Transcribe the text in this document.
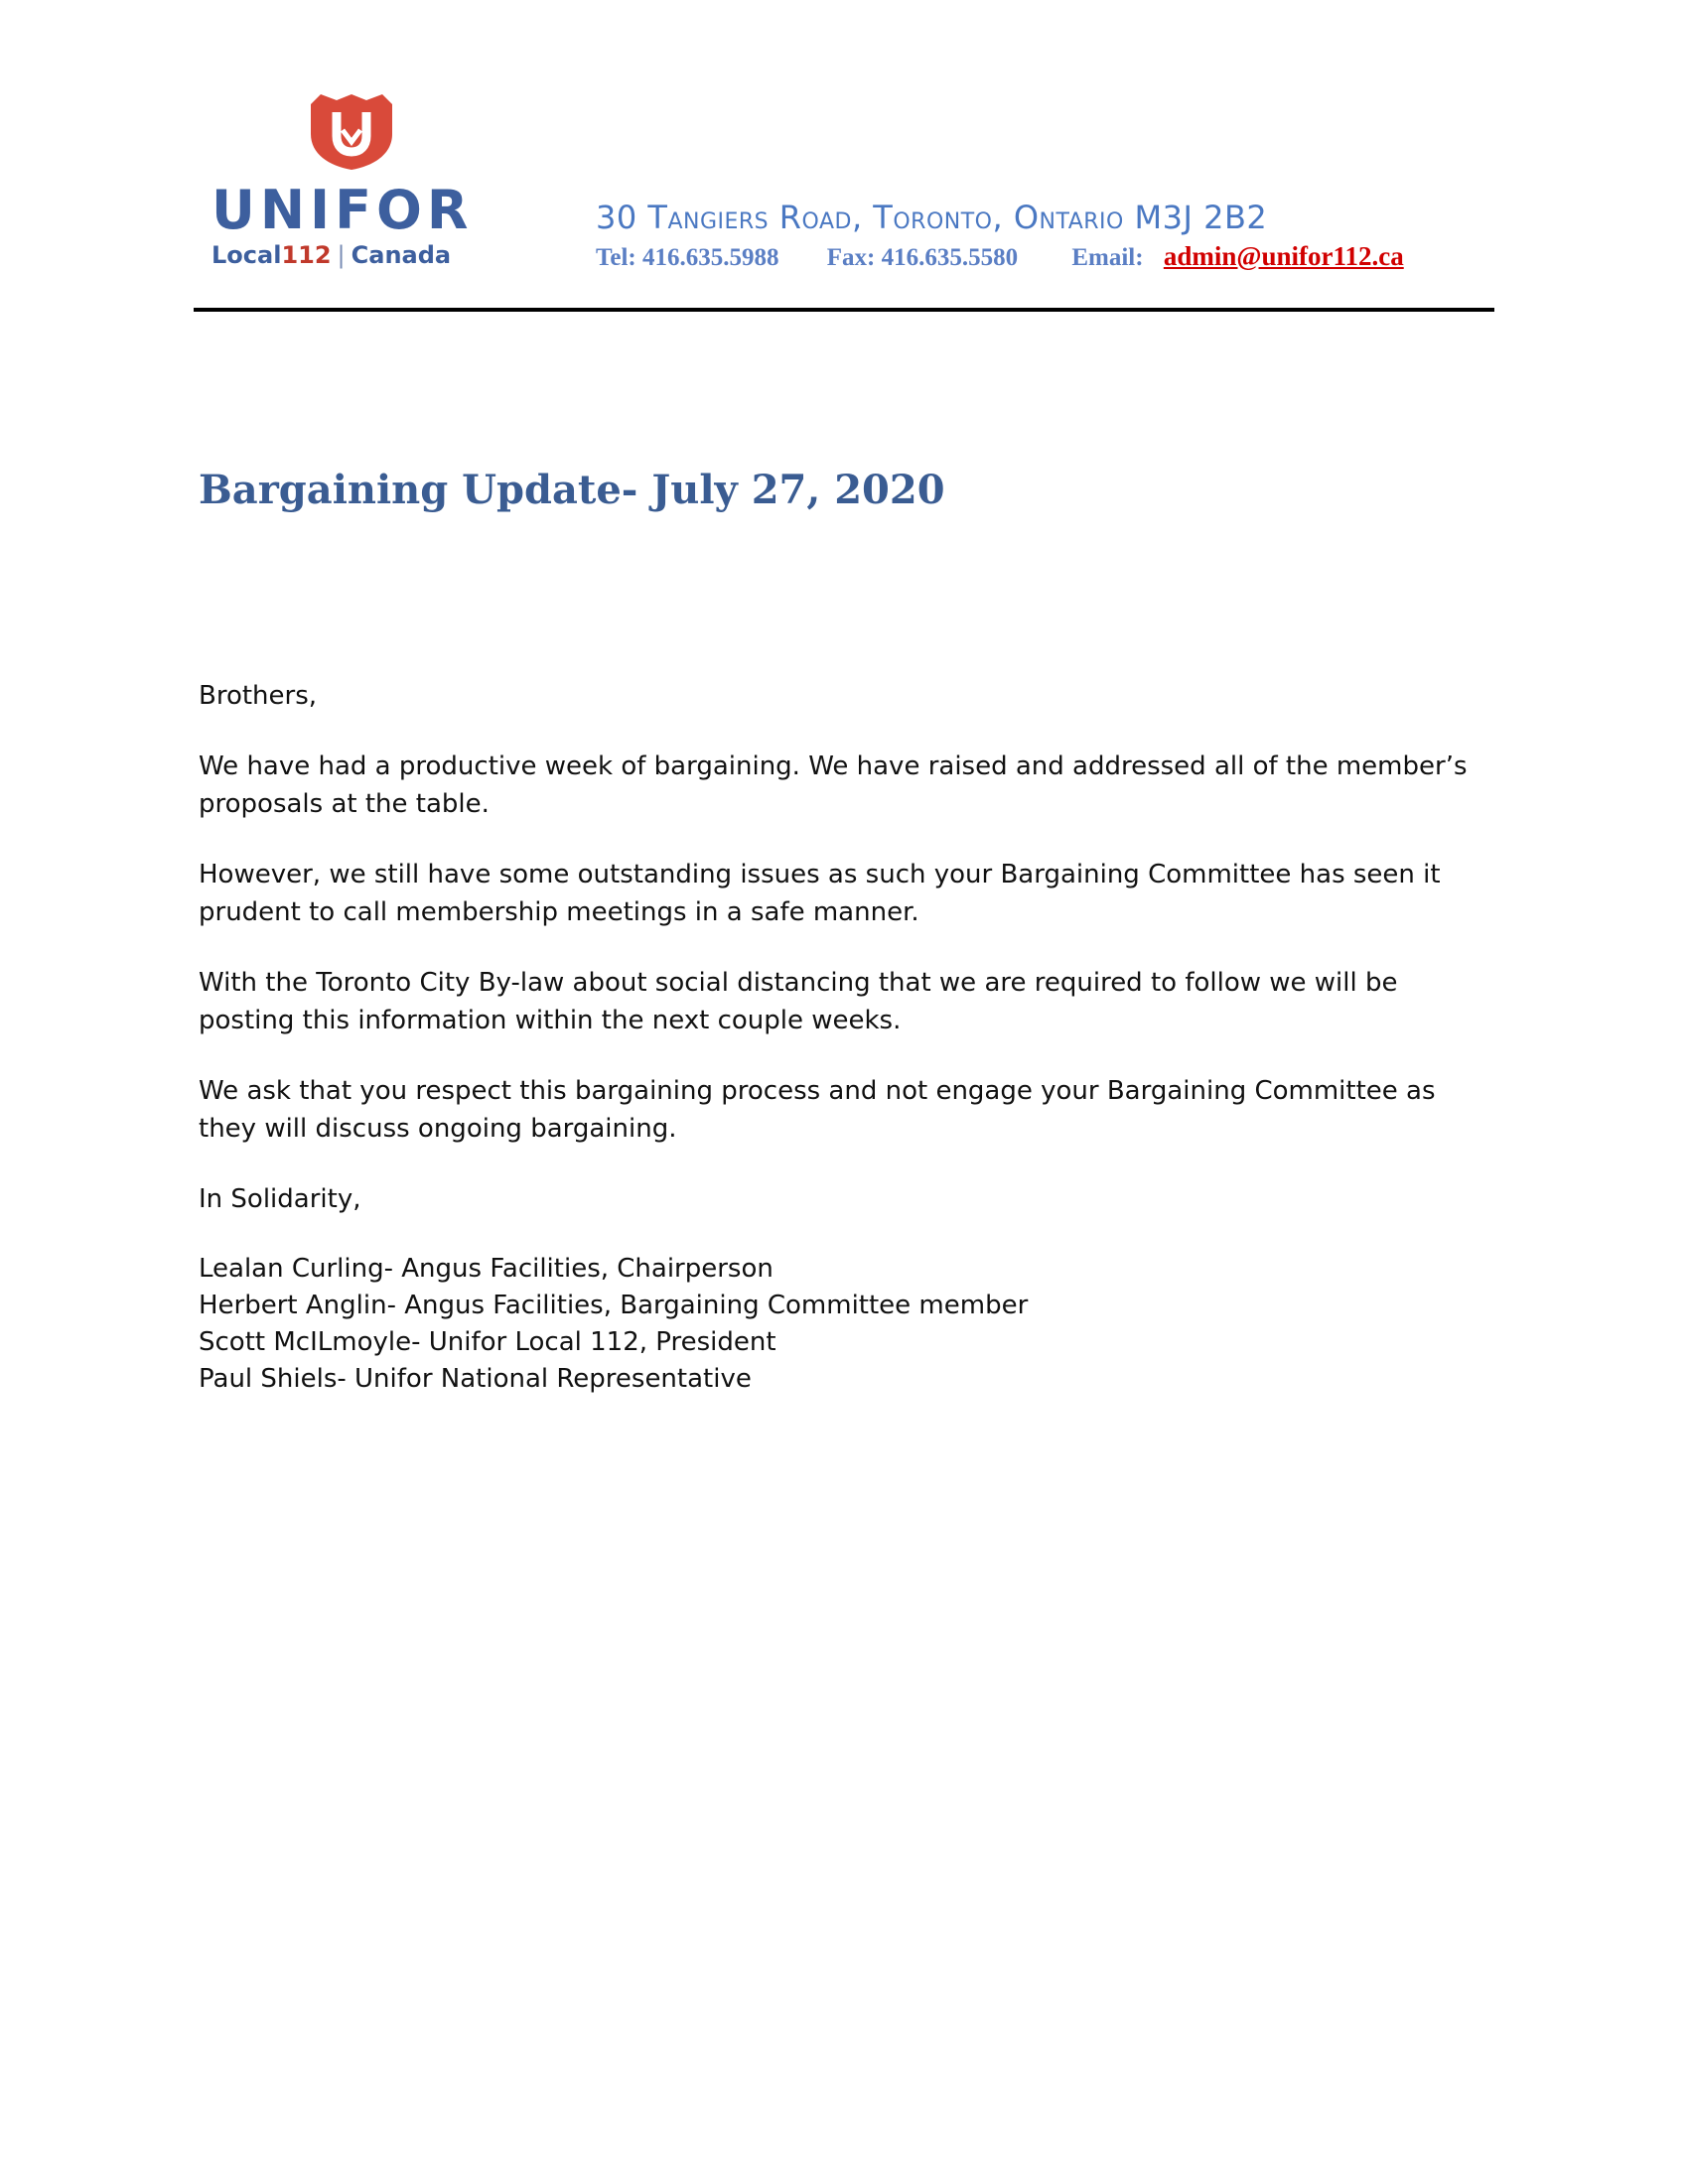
UNIFOR
Local112 | Canada
30 Tangiers Road, Toronto, Ontario M3J 2B2
Tel: 416.635.5988 Fax: 416.635.5580 Email: admin@unifor112.ca
Bargaining Update- July 27, 2020

Brothers,

We have had a productive week of bargaining. We have raised and addressed all of the member’s proposals at the table.

However, we still have some outstanding issues as such your Bargaining Committee has seen it prudent to call membership meetings in a safe manner.

With the Toronto City By-law about social distancing that we are required to follow we will be posting this information within the next couple weeks.

We ask that you respect this bargaining process and not engage your Bargaining Committee as they will discuss ongoing bargaining.

In Solidarity,

Lealan Curling- Angus Facilities, Chairperson
Herbert Anglin- Angus Facilities, Bargaining Committee member
Scott McILmoyle- Unifor Local 112, President
Paul Shiels- Unifor National Representative
